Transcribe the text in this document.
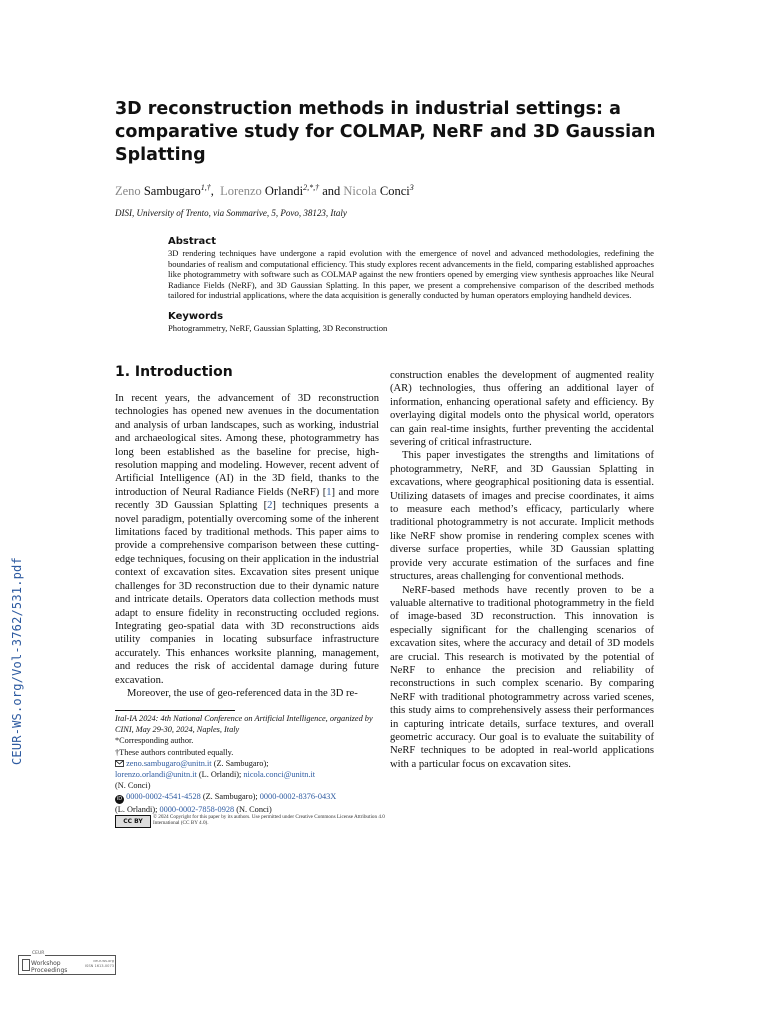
CEUR-WS.org/Vol-3762/531.pdf
3D reconstruction methods in industrial settings: a comparative study for COLMAP, NeRF and 3D Gaussian Splatting
Zeno Sambugaro$^{1,\dagger}$, Lorenzo Orlandi$^{2,*,\dagger}$ and Nicola Conci$^3$
DISI, University of Trento, via Sommarive, 5, Povo, 38123, Italy

Abstract

3D rendering techniques have undergone a rapid evolution with the emergence of novel and advanced methodologies, redefining the boundaries of realism and computational efficiency. This study explores recent advancements in the field, comparing established approaches like photogrammetry with software such as COLMAP against the new frontiers opened by emerging view synthesis approaches like Neural Radiance Fields (NeRF), and 3D Gaussian Splatting. In this paper, we present a comprehensive comparison of the described methods tailored for industrial applications, where the data acquisition is generally conducted by human operators employing handheld devices.

Keywords

Photogrammetry, NeRF, Gaussian Splatting, 3D Reconstruction

1. Introduction

In recent years, the advancement of 3D reconstruction technologies has opened new avenues in the documentation and analysis of urban landscapes, such as working, industrial and archaeological sites. Among these, photogrammetry has long been established as the baseline for precise, high-resolution mapping and modeling. However, recent advent of Artificial Intelligence (AI) in the 3D field, thanks to the introduction of Neural Radiance Fields (NeRF) [1] and more recently 3D Gaussian Splatting [2] techniques presents a novel paradigm, potentially overcoming some of the inherent limitations faced by traditional methods. This paper aims to provide a comprehensive comparison between these cutting-edge techniques, focusing on their application in the industrial context of excavation sites. Excavation sites present unique challenges for 3D reconstruction due to their dynamic nature and intricate details. Operators data collection methods must adapt to ensure fidelity in reconstructing occluded regions. Integrating geo-spatial data with 3D reconstructions aids utility companies in locating subsurface infrastructure accurately. This enhances worksite planning, management, and reduces the risk of accidental damage during future excavation.

Moreover, the use of geo-referenced data in the 3D re-

Ital-IA 2024: 4th National Conference on Artificial Intelligence, organized by CINI, May 29-30, 2024, Naples, Italy

*Corresponding author.

†These authors contributed equally.

zeno.sambugaro@unitn.it (Z. Sambugaro);
lorenzo.orlandi@unitn.it (L. Orlandi); nicola.conci@unitn.it
(N. Conci)

iD 0000-0002-4541-4528 (Z. Sambugaro); 0000-0002-8376-043X
(L. Orlandi); 0000-0002-7858-0928 (N. Conci)

CC BY
© 2024 Copyright for this paper by its authors. Use permitted under Creative Commons License Attribution 4.0 International (CC BY 4.0).

construction enables the development of augmented reality (AR) technologies, thus offering an additional layer of information, enhancing operational safety and efficiency. By overlaying digital models onto the physical world, operators can gain real-time insights, further preventing the accidental severing of critical infrastructure.

This paper investigates the strengths and limitations of photogrammetry, NeRF, and 3D Gaussian Splatting in excavations, where geographical positioning data is essential. Utilizing datasets of images and precise coordinates, it aims to measure each method’s efficacy, particularly where traditional photogrammetry is not accurate. Implicit methods like NeRF show promise in rendering complex scenes with diverse surface properties, while 3D Gaussian splatting provide very accurate estimation of the surfaces and fine structures, areas challenging for conventional methods.

NeRF-based methods have recently proven to be a valuable alternative to traditional photogrammetry in the field of image-based 3D reconstruction. This innovation is especially significant for the challenging scenarios of excavation sites, where the accuracy and detail of 3D models are crucial. This research is motivated by the potential of NeRF to enhance the precision and reliability of reconstructions in such complex scenario. By comparing NeRF with traditional photogrammetry across varied scenes, this study aims to comprehensively assess their performances in capturing intricate details, surface textures, and overall geometric accuracy. Our goal is to evaluate the suitability of NeRF techniques to be adopted in real-world applications with a particular focus on excavation sites.

CEUR
Workshop
Proceedings
ceur-ws.org
ISSN 1613-0073
